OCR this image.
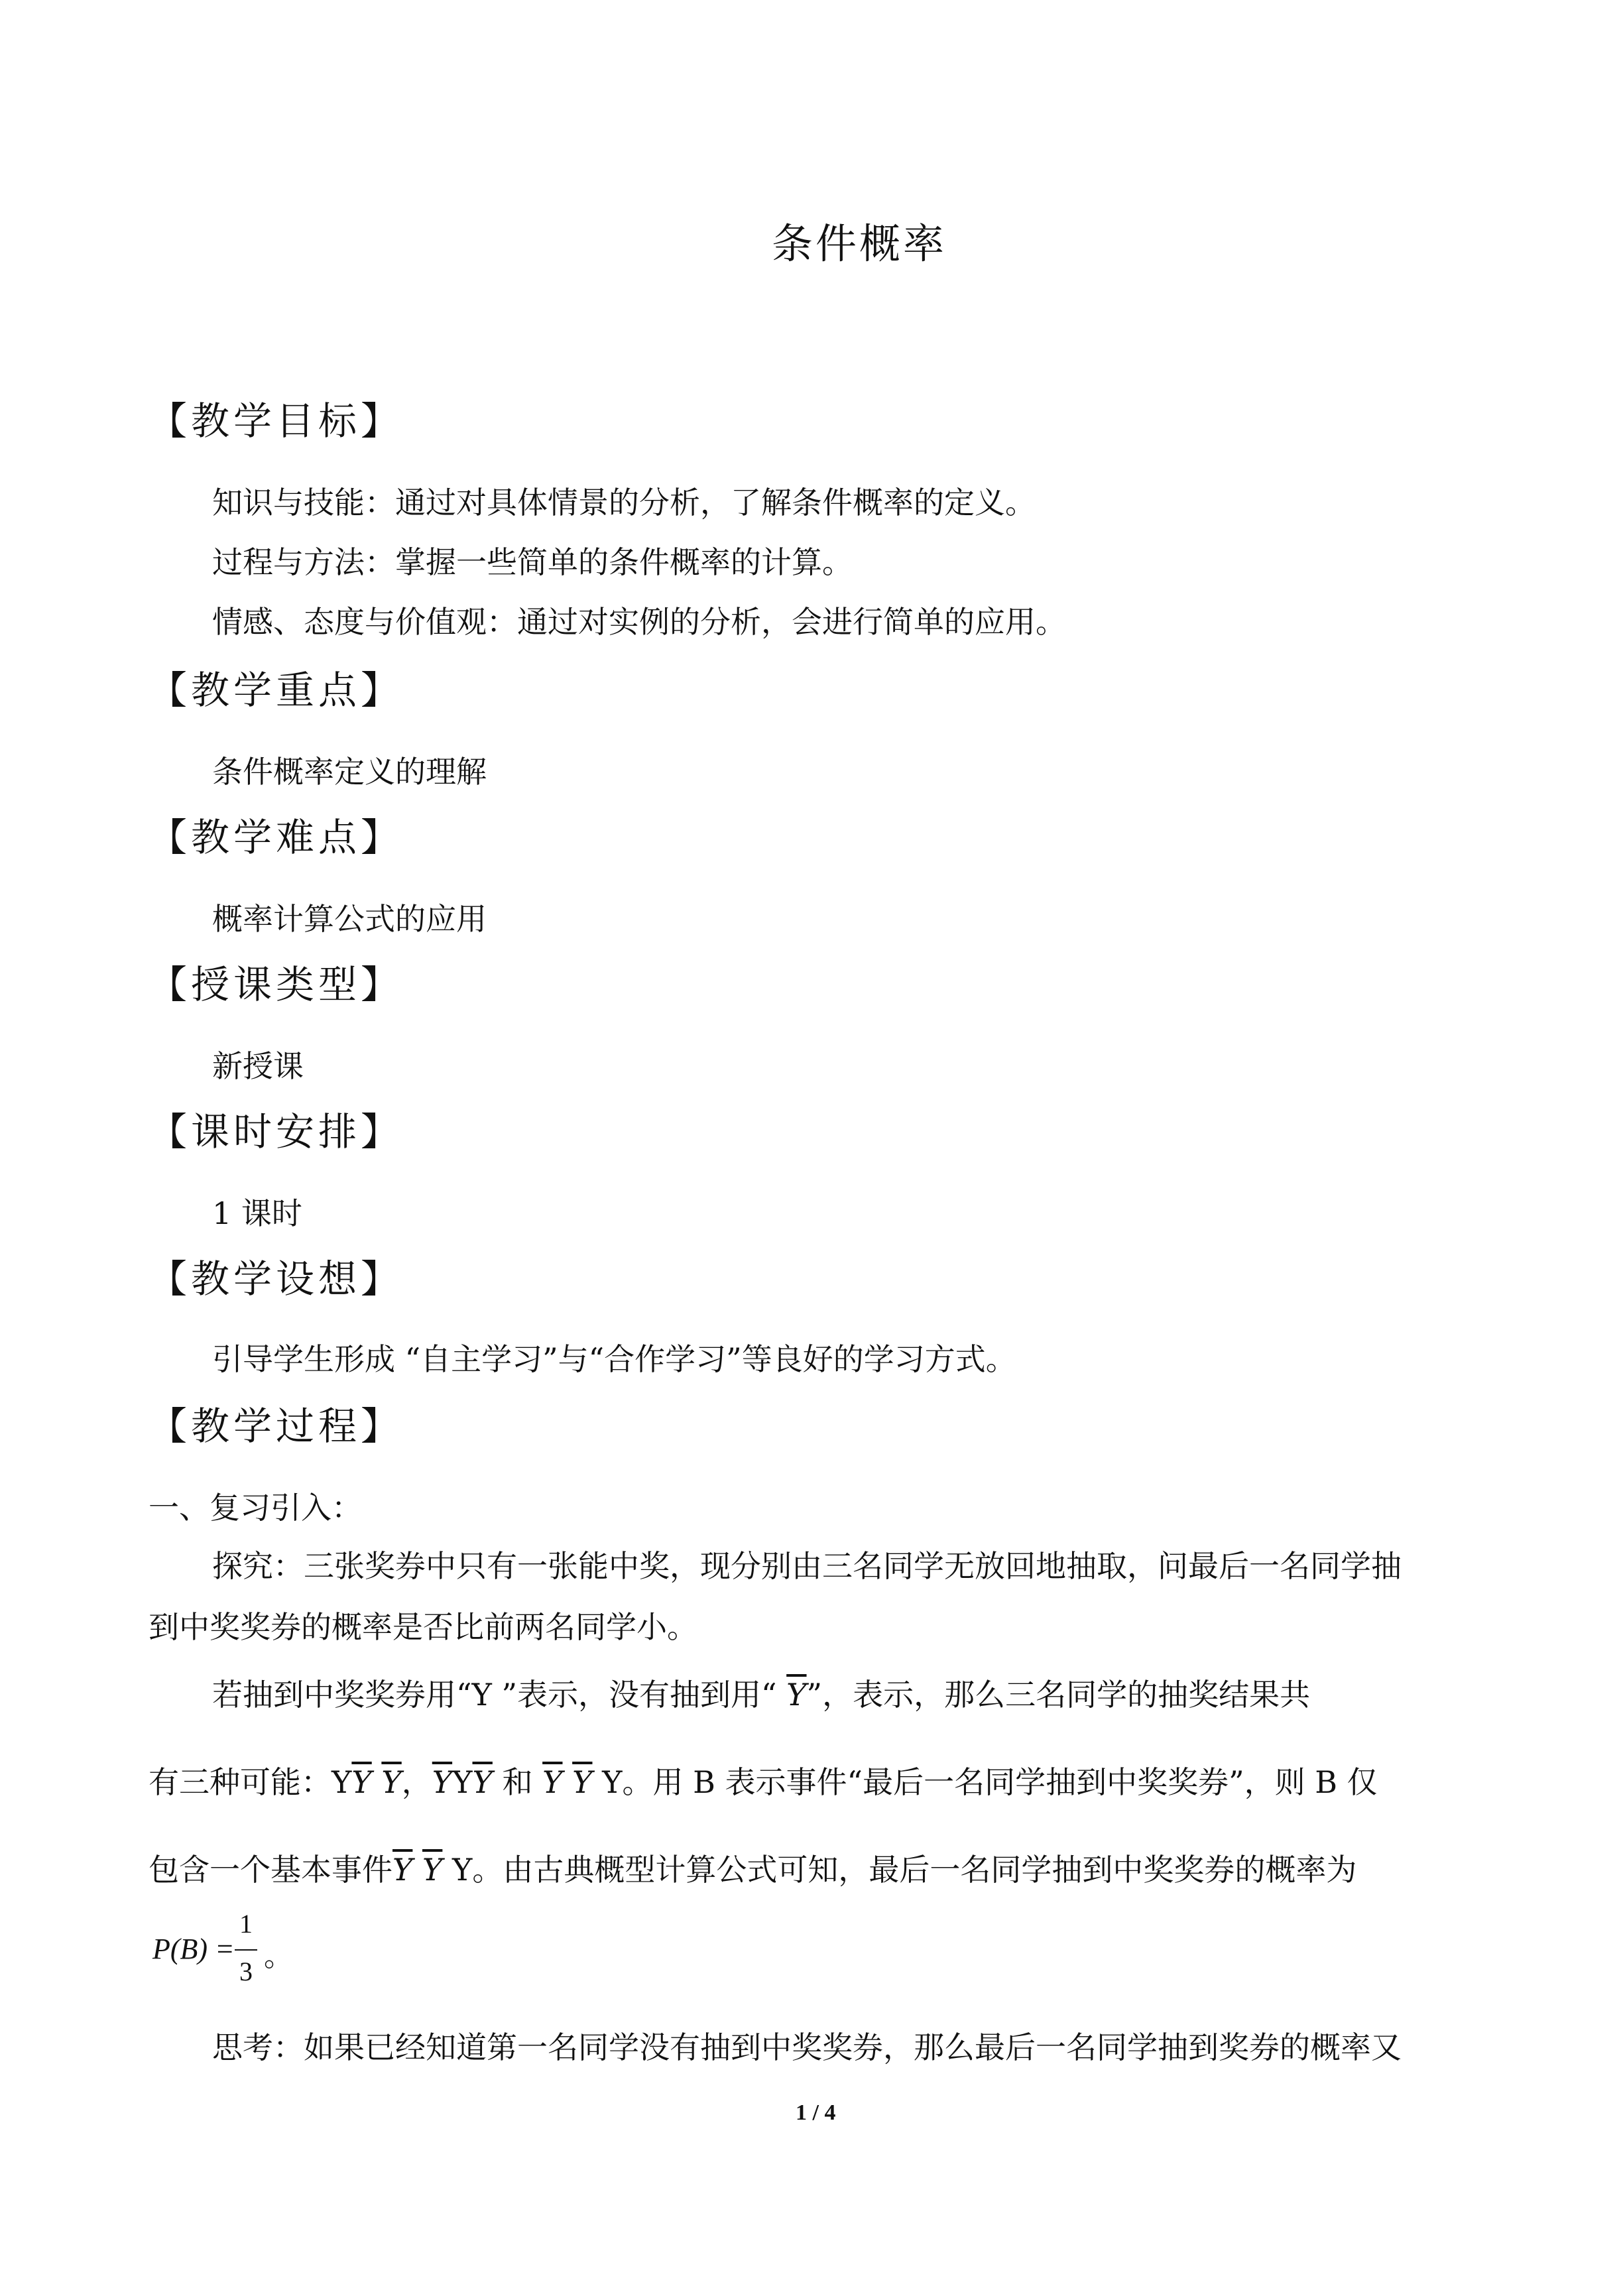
条件概率
【教学目标】
知识与技能：通过对具体情景的分析，了解条件概率的定义。
过程与方法：掌握一些简单的条件概率的计算。
情感、态度与价值观：通过对实例的分析，会进行简单的应用。
【教学重点】
条件概率定义的理解
【教学难点】
概率计算公式的应用
【授课类型】
新授课
【课时安排】
1 课时
【教学设想】
引导学生形成 “自主学习”与“合作学习”等良好的学习方式。
【教学过程】
一、复习引入：
探究：三张奖券中只有一张能中奖，现分别由三名同学无放回地抽取，问最后一名同学抽
到中奖奖券的概率是否比前两名同学小。
若抽到中奖奖券用“Y ”表示，没有抽到用“ $\overline{Y}$”，表示，那么三名同学的抽奖结果共
有三种可能：$Y\overline{Y}$ $\overline{Y}$，$\overline{Y}Y\overline{Y}$ 和 $\overline{Y}$ $\overline{Y}$ Y。用 B 表示事件“最后一名同学抽到中奖奖券”，则 B 仅
包含一个基本事件$\overline{Y}$ $\overline{Y}$ Y。由古典概型计算公式可知，最后一名同学抽到中奖奖券的概率为
P(B) =
1
3 。
思考：如果已经知道第一名同学没有抽到中奖奖券，那么最后一名同学抽到奖券的概率又
1 / 4
